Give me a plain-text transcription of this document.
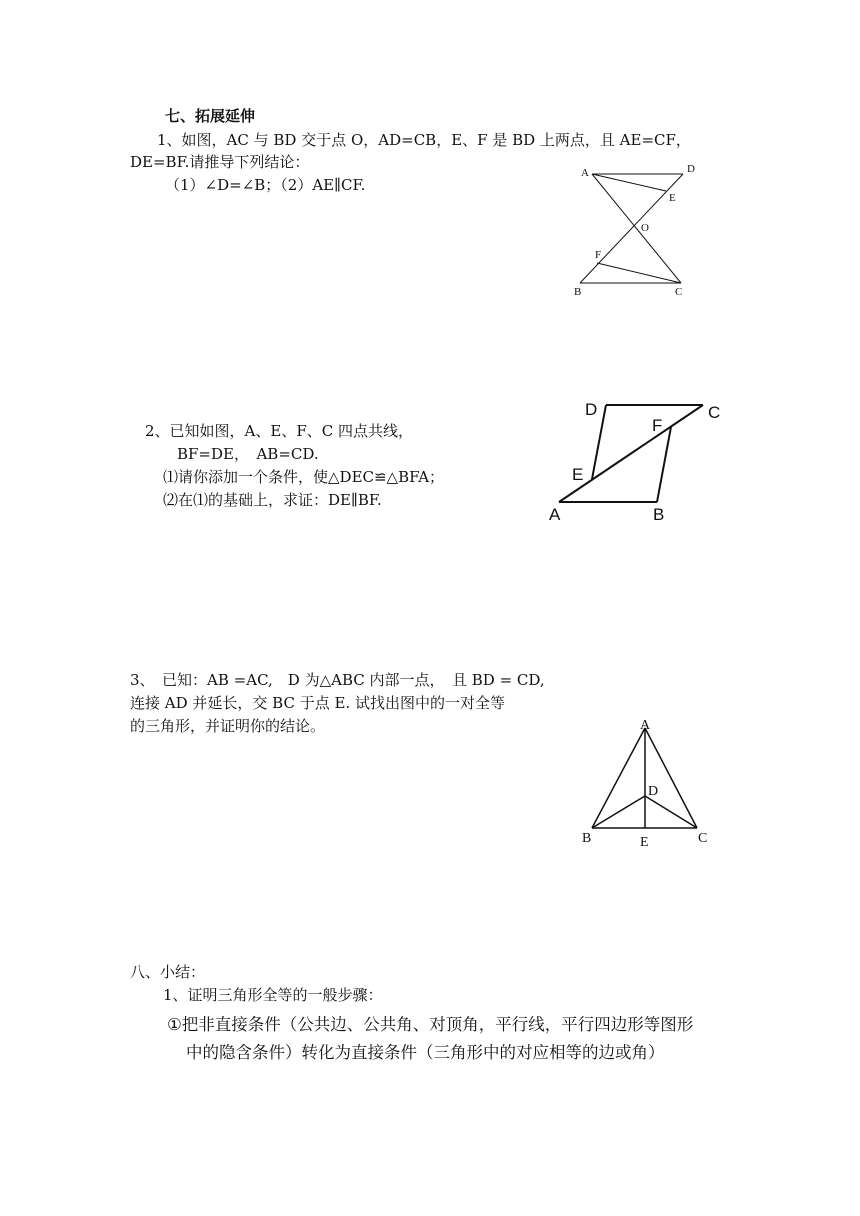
七、拓展延伸
1、如图，AC 与 BD 交于点 O，AD=CB，E、F 是 BD 上两点，且 AE=CF，
DE=BF.请推导下列结论：
（1）∠D=∠B；（2）AE∥CF.
A	D
E
O
F
B	C
2、已知如图，A、E、F、C 四点共线，
BF=DE，　AB=CD.
⑴请你添加一个条件，使△DEC≌△BFA；
⑵在⑴的基础上，求证：DE∥BF.
D	C
F
E
A	B
3、　已知：AB =AC,　D 为△ABC 内部一点，　且 BD = CD,
连接 AD 并延长，交 BC 于点 E. 试找出图中的一对全等
的三角形，并证明你的结论。	A
D
B	E	C
八、小结：
1、证明三角形全等的一般步骤：
①把非直接条件（公共边、公共角、对顶角，平行线，平行四边形等图形
中的隐含条件）转化为直接条件（三角形中的对应相等的边或角）
